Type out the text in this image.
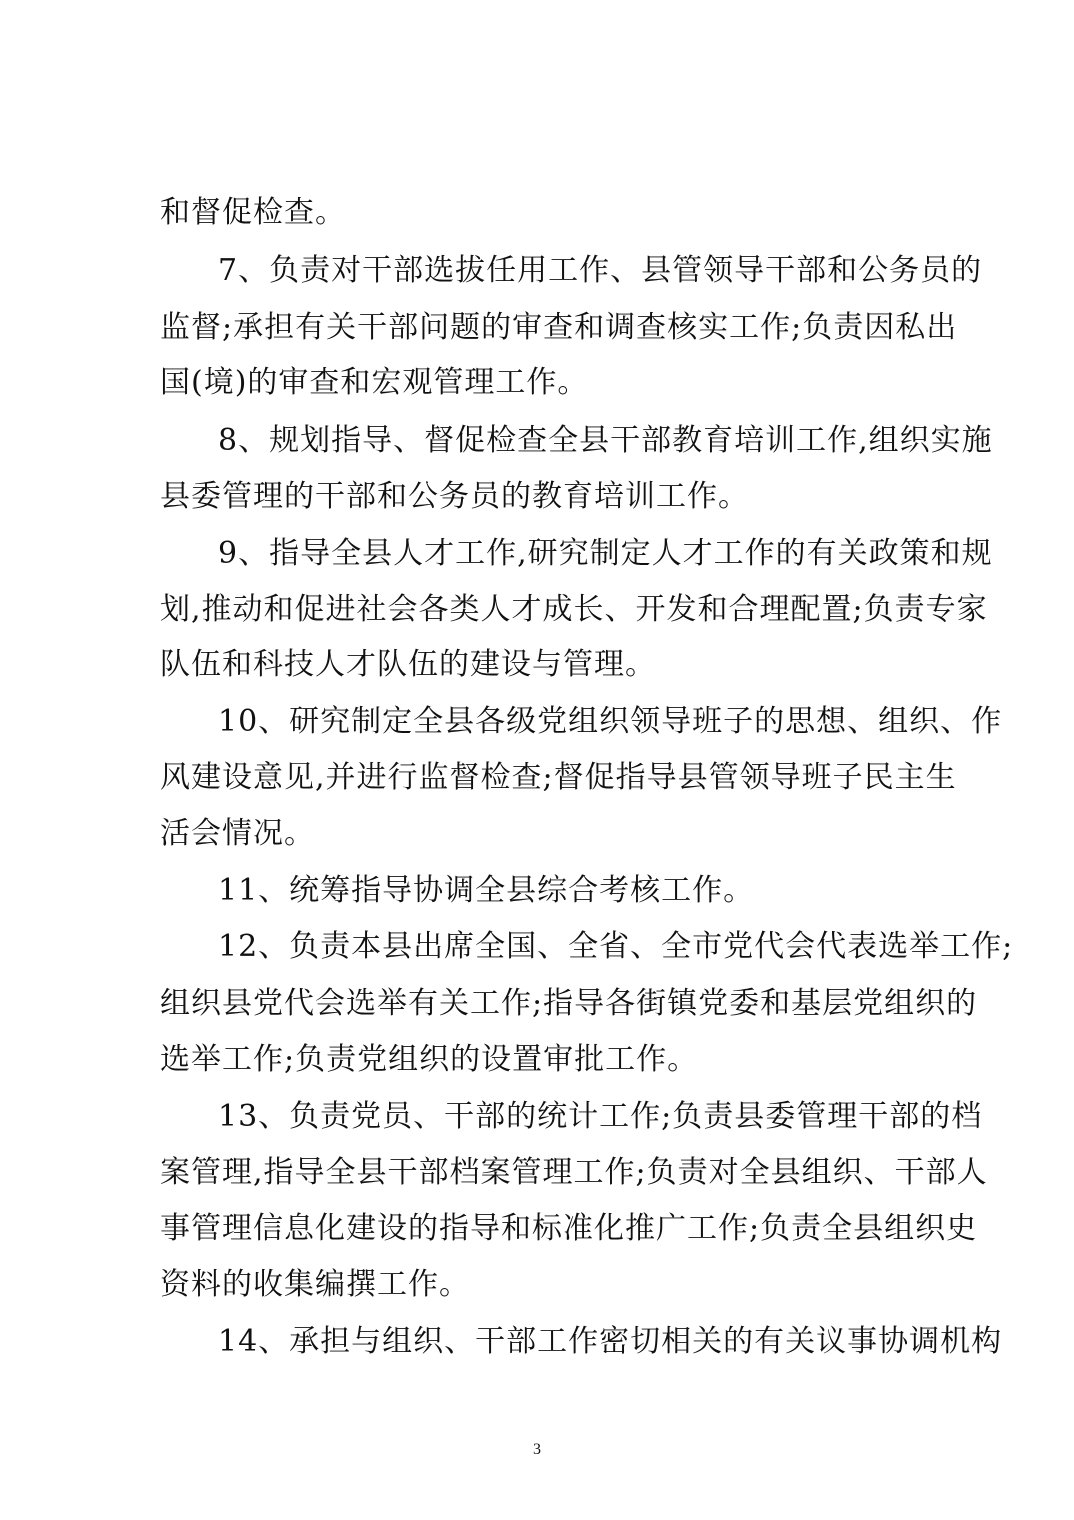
和督促检查。
7、负责对干部选拔任用工作、县管领导干部和公务员的
监督;承担有关干部问题的审查和调查核实工作;负责因私出
国(境)的审查和宏观管理工作。
8、规划指导、督促检查全县干部教育培训工作,组织实施
县委管理的干部和公务员的教育培训工作。
9、指导全县人才工作,研究制定人才工作的有关政策和规
划,推动和促进社会各类人才成长、开发和合理配置;负责专家
队伍和科技人才队伍的建设与管理。
10、研究制定全县各级党组织领导班子的思想、组织、作
风建设意见,并进行监督检查;督促指导县管领导班子民主生
活会情况。
11、统筹指导协调全县综合考核工作。
12、负责本县出席全国、全省、全市党代会代表选举工作;
组织县党代会选举有关工作;指导各街镇党委和基层党组织的
选举工作;负责党组织的设置审批工作。
13、负责党员、干部的统计工作;负责县委管理干部的档
案管理,指导全县干部档案管理工作;负责对全县组织、干部人
事管理信息化建设的指导和标准化推广工作;负责全县组织史
资料的收集编撰工作。
14、承担与组织、干部工作密切相关的有关议事协调机构
3
